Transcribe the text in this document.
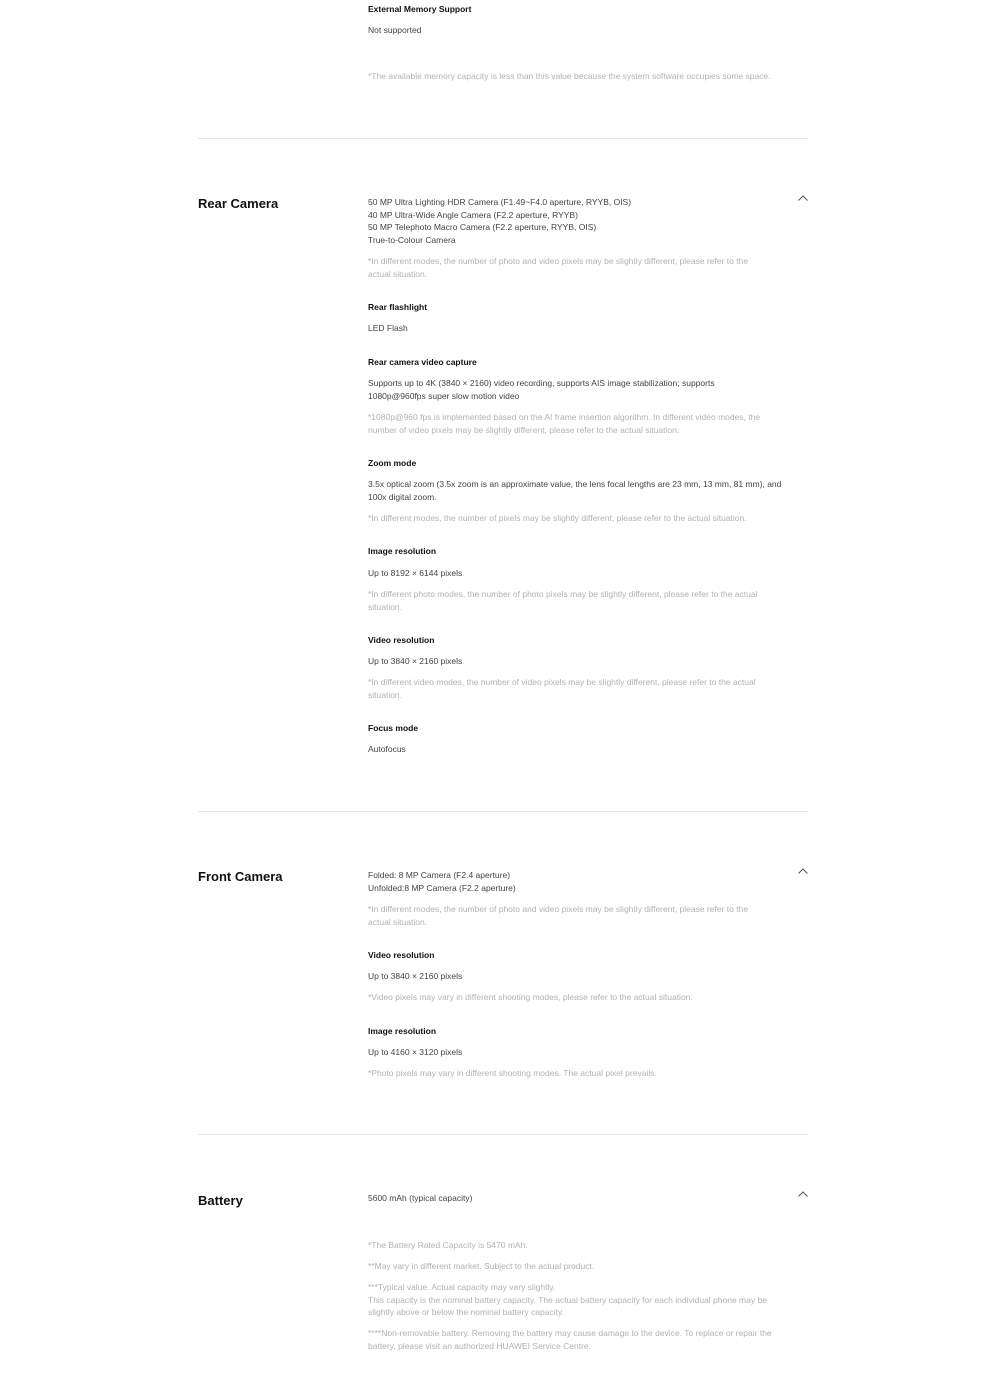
External Memory Support
Not supported
*The available memory capacity is less than this value because the system software occupies some space.
Rear Camera	50 MP Ultra Lighting HDR Camera (F1.49~F4.0 aperture, RYYB, OIS)
40 MP Ultra-Wide Angle Camera (F2.2 aperture, RYYB)
50 MP Telephoto Macro Camera (F2.2 aperture, RYYB, OIS)
True-to-Colour Camera
*In different modes, the number of photo and video pixels may be slightly different, please refer to the
actual situation.
Rear flashlight
LED Flash
Rear camera video capture
Supports up to 4K (3840 × 2160) video recording, supports AIS image stabilization; supports
1080p@960fps super slow motion video
*1080p@960 fps is implemented based on the AI frame insertion algorithm. In different video modes, the
number of video pixels may be slightly different, please refer to the actual situation.
Zoom mode
3.5x optical zoom (3.5x zoom is an approximate value, the lens focal lengths are 23 mm, 13 mm, 81 mm), and
100x digital zoom.
*In different modes, the number of pixels may be slightly different, please refer to the actual situation.
Image resolution
Up to 8192 × 6144 pixels
*In different photo modes, the number of photo pixels may be slightly different, please refer to the actual
situation.
Video resolution
Up to 3840 × 2160 pixels
*In different video modes, the number of video pixels may be slightly different, please refer to the actual
situation.
Focus mode
Autofocus
Front Camera	Folded: 8 MP Camera (F2.4 aperture)
Unfolded:8 MP Camera (F2.2 aperture)
*In different modes, the number of photo and video pixels may be slightly different, please refer to the
actual situation.
Video resolution
Up to 3840 × 2160 pixels
*Video pixels may vary in different shooting modes, please refer to the actual situation.
Image resolution
Up to 4160 × 3120 pixels
*Photo pixels may vary in different shooting modes. The actual pixel prevails.
Battery	5600 mAh (typical capacity)
*The Battery Rated Capacity is 5470 mAh.
**May vary in different market. Subject to the actual product.
***Typical value. Actual capacity may vary slightly.
This capacity is the nominal battery capacity. The actual battery capacity for each individual phone may be
slightly above or below the nominal battery capacity.
****Non-removable battery. Removing the battery may cause damage to the device. To replace or repair the
battery, please visit an authorized HUAWEI Service Centre.
